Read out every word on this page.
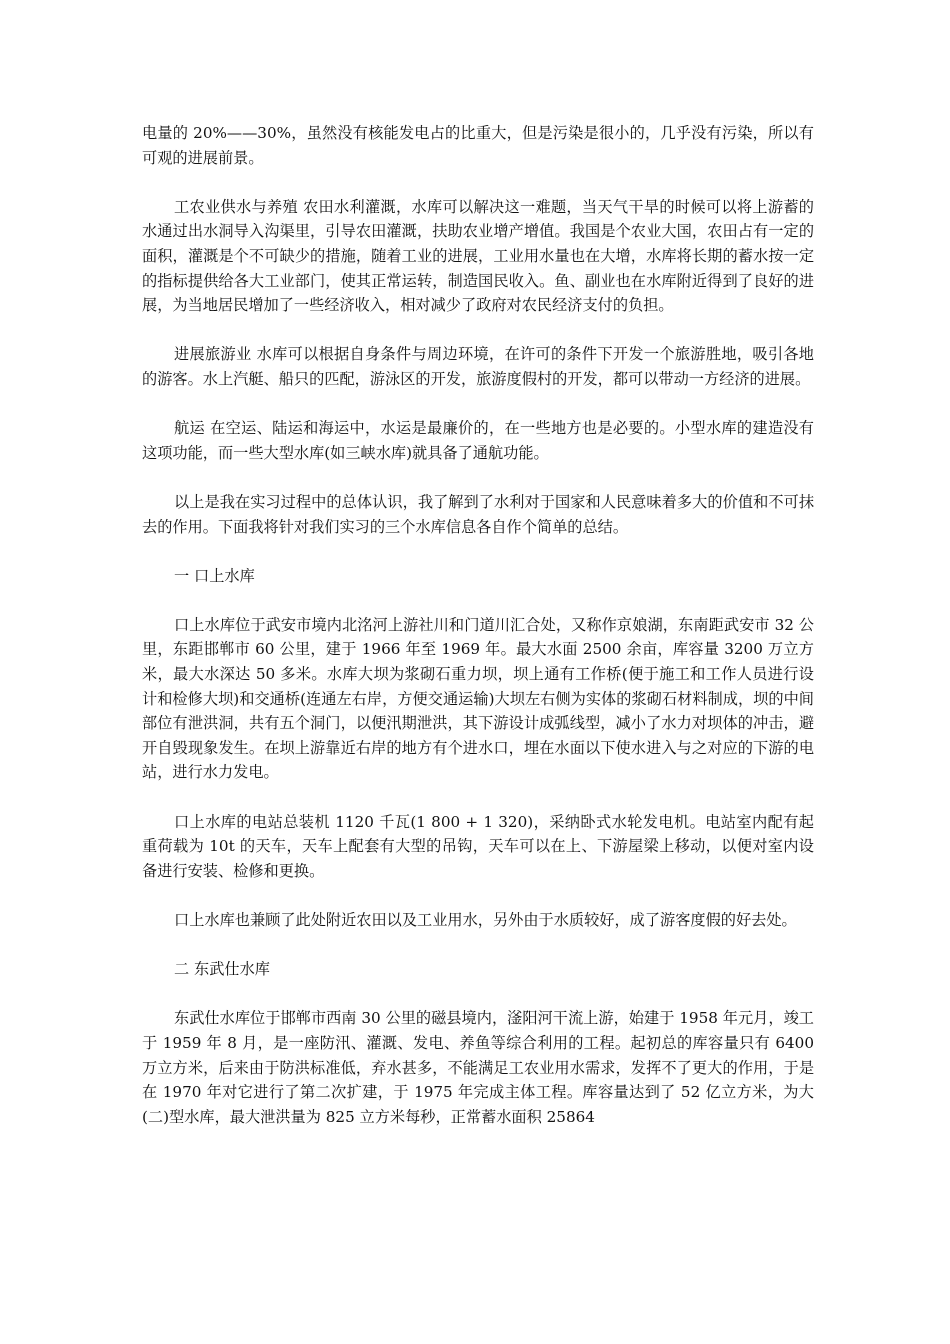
电量的 20%——30%，虽然没有核能发电占的比重大，但是污染是很小的，几乎没有污染，所以有可观的进展前景。

工农业供水与养殖 农田水利灌溉，水库可以解决这一难题，当天气干旱的时候可以将上游蓄的水通过出水洞导入沟渠里，引导农田灌溉，扶助农业增产增值。我国是个农业大国，农田占有一定的面积，灌溉是个不可缺少的措施，随着工业的进展，工业用水量也在大增，水库将长期的蓄水按一定的指标提供给各大工业部门，使其正常运转，制造国民收入。鱼、副业也在水库附近得到了良好的进展，为当地居民增加了一些经济收入，相对减少了政府对农民经济支付的负担。

进展旅游业 水库可以根据自身条件与周边环境，在许可的条件下开发一个旅游胜地，吸引各地的游客。水上汽艇、船只的匹配，游泳区的开发，旅游度假村的开发，都可以带动一方经济的进展。

航运 在空运、陆运和海运中，水运是最廉价的，在一些地方也是必要的。小型水库的建造没有这项功能，而一些大型水库(如三峡水库)就具备了通航功能。

以上是我在实习过程中的总体认识，我了解到了水利对于国家和人民意味着多大的价值和不可抹去的作用。下面我将针对我们实习的三个水库信息各自作个简单的总结。

一 口上水库

口上水库位于武安市境内北洺河上游社川和门道川汇合处，又称作京娘湖，东南距武安市 32 公里，东距邯郸市 60 公里，建于 1966 年至 1969 年。最大水面 2500 余亩，库容量 3200 万立方米，最大水深达 50 多米。水库大坝为浆砌石重力坝，坝上通有工作桥(便于施工和工作人员进行设计和检修大坝)和交通桥(连通左右岸，方便交通运输)大坝左右侧为实体的浆砌石材料制成，坝的中间部位有泄洪洞，共有五个洞门，以便汛期泄洪，其下游设计成弧线型，减小了水力对坝体的冲击，避开自毁现象发生。在坝上游靠近右岸的地方有个进水口，埋在水面以下使水进入与之对应的下游的电站，进行水力发电。

口上水库的电站总装机 1120 千瓦(1 800 + 1 320)，采纳卧式水轮发电机。电站室内配有起重荷载为 10t 的天车，天车上配套有大型的吊钩，天车可以在上、下游屋梁上移动，以便对室内设备进行安装、检修和更换。

口上水库也兼顾了此处附近农田以及工业用水，另外由于水质较好，成了游客度假的好去处。

二 东武仕水库

东武仕水库位于邯郸市西南 30 公里的磁县境内，滏阳河干流上游，始建于 1958 年元月，竣工于 1959 年 8 月，是一座防汛、灌溉、发电、养鱼等综合利用的工程。起初总的库容量只有 6400 万立方米，后来由于防洪标准低，弃水甚多，不能满足工农业用水需求，发挥不了更大的作用，于是在 1970 年对它进行了第二次扩建，于 1975 年完成主体工程。库容量达到了 52 亿立方米，为大(二)型水库，最大泄洪量为 825 立方米每秒，正常蓄水面积 25864
